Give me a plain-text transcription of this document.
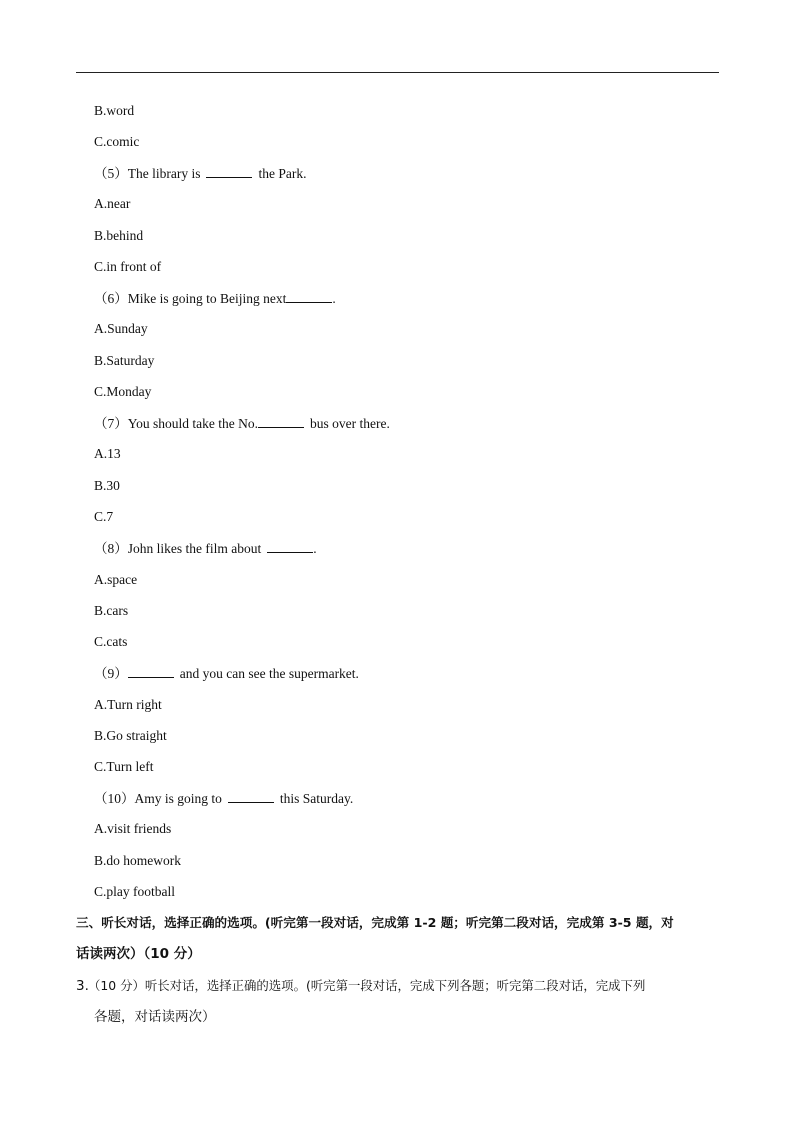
B.word
C.comic
（5）The library is	the Park.
A.near
B.behind
C.in front of
（6）Mike is going to Beijing next	.
A.Sunday
B.Saturday
C.Monday
（7）You should take the No.	bus over there.
A.13
B.30
C.7
（8）John likes the film about	.
A.space
B.cars
C.cats
（9）	and you can see the supermarket.
A.Turn right
B.Go straight
C.Turn left
（10）Amy is going to	this Saturday.
A.visit friends
B.do homework
C.play football
三、听长对话，选择正确的选项。(听完第一段对话，完成第 1-2 题；听完第二段对话，完成第 3-5 题，对
话读两次）（10 分）
3. （10 分）听长对话，选择正确的选项。(听完第一段对话，完成下列各题；听完第二段对话，完成下列
各题，对话读两次）
